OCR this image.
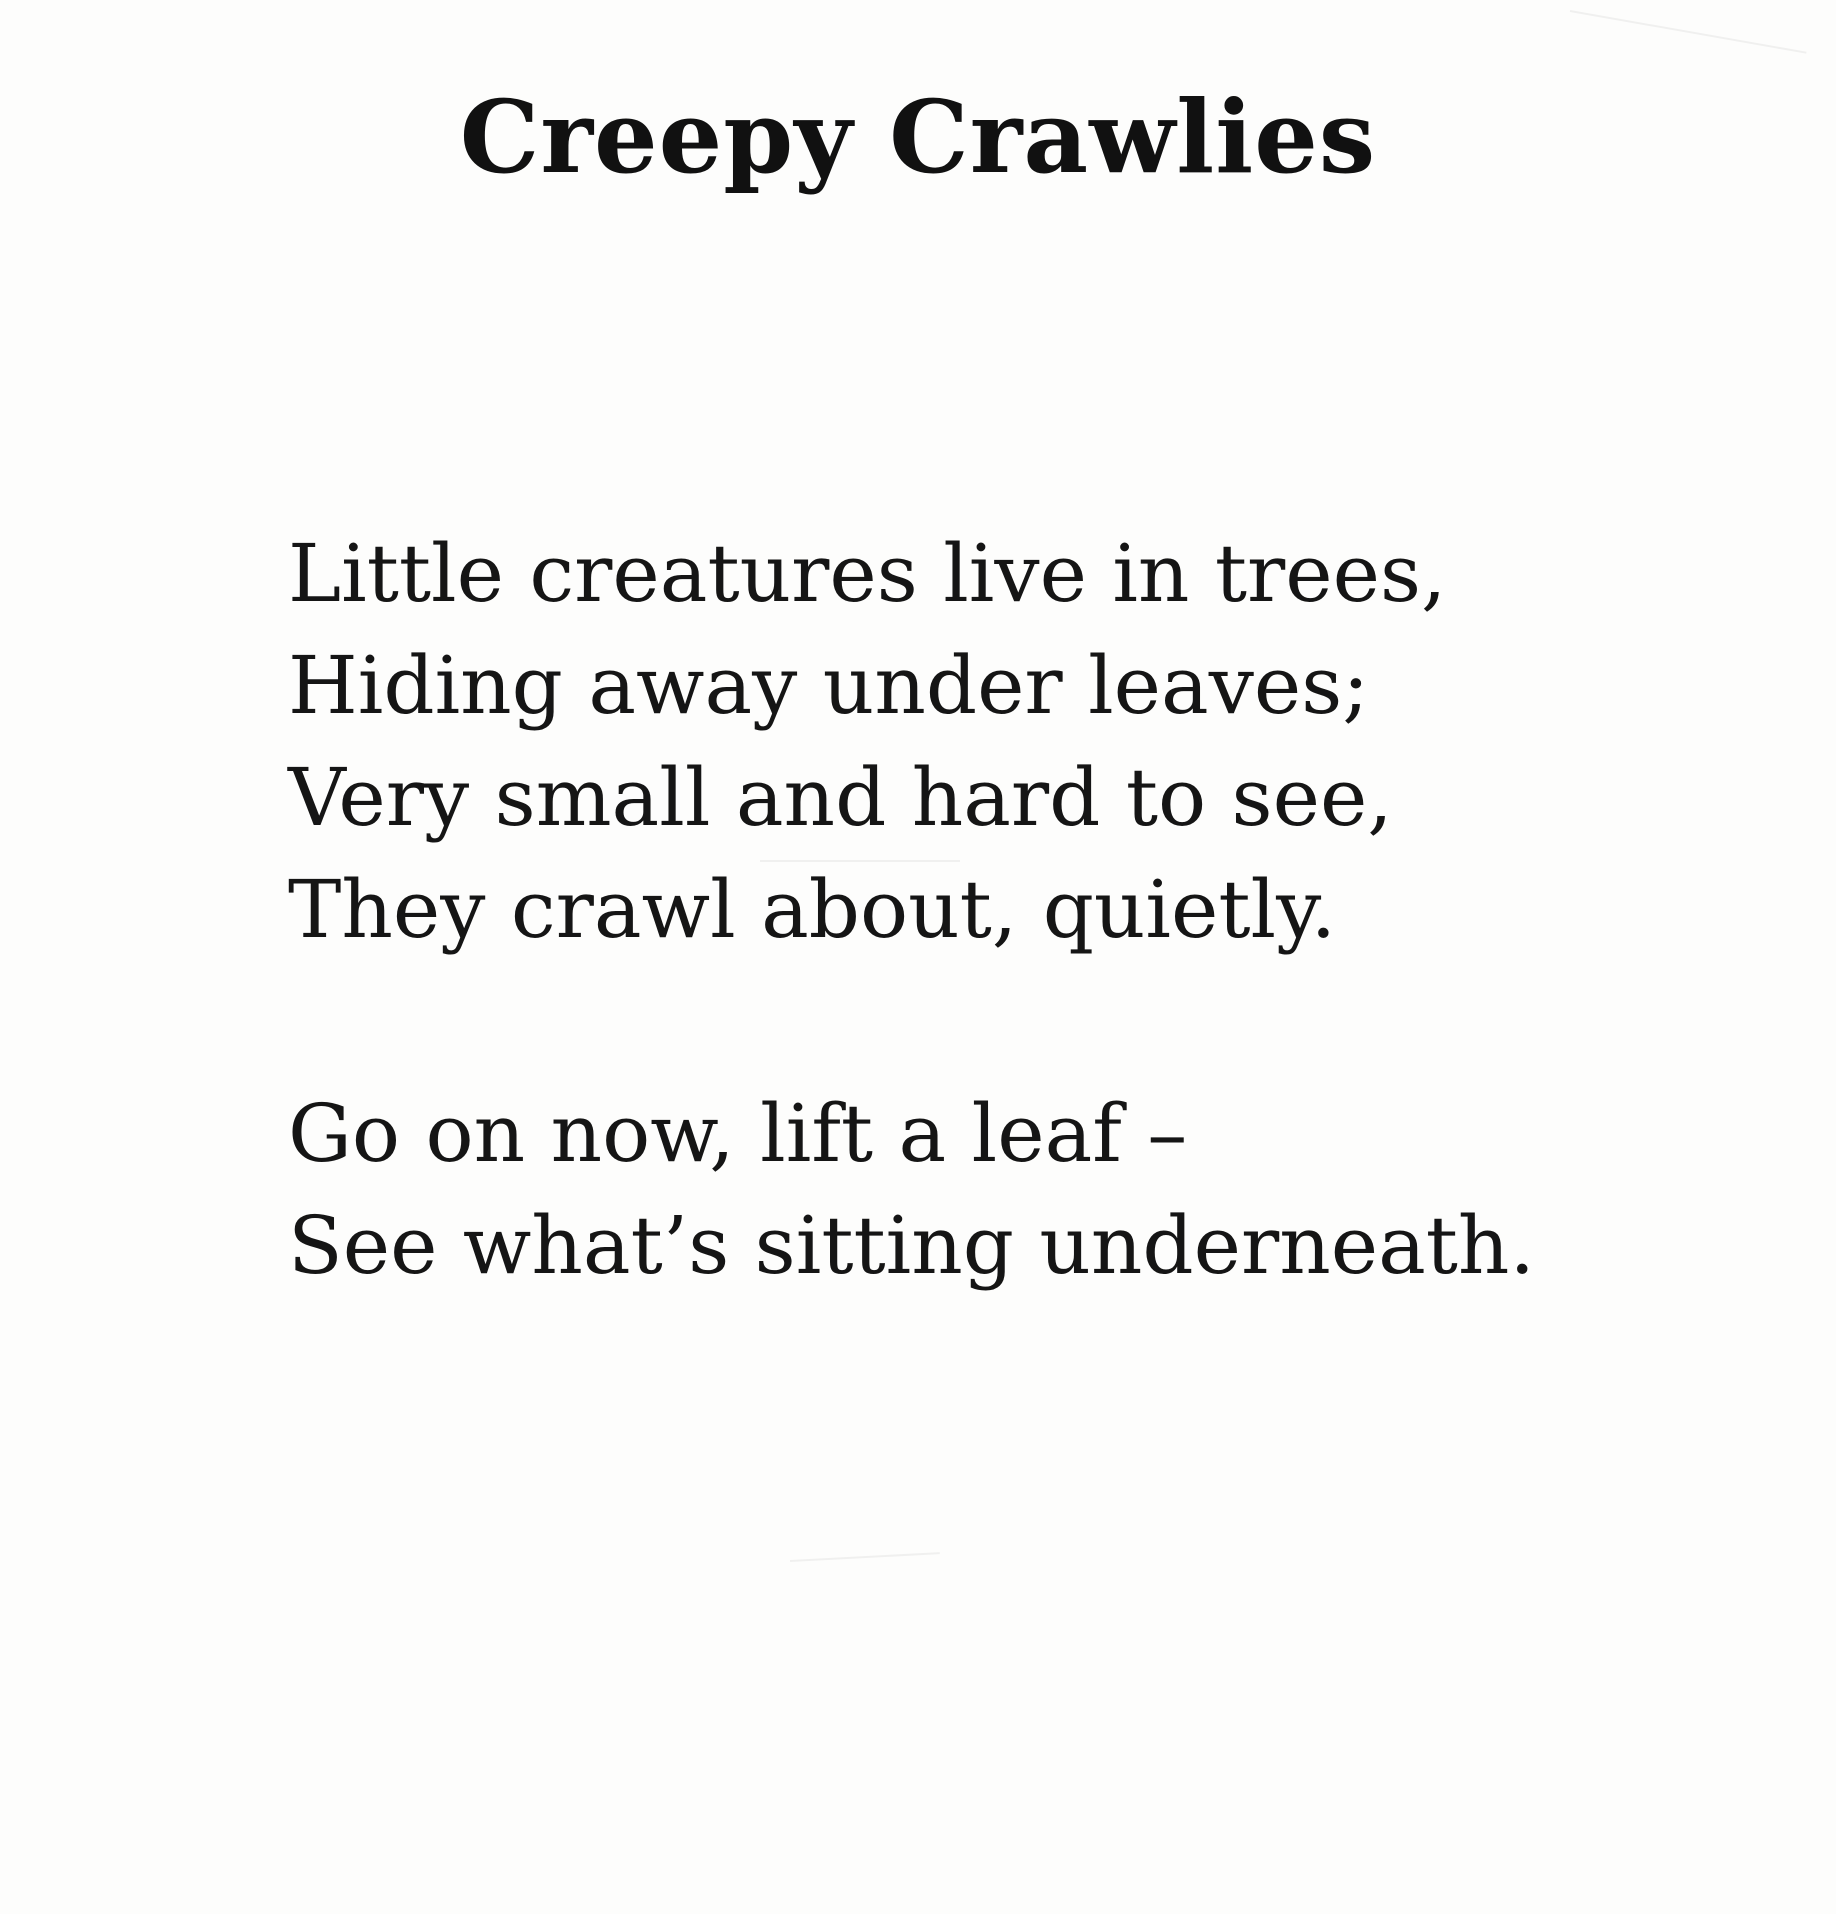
Creepy Crawlies

Little creatures live in trees,
Hiding away under leaves;
Very small and hard to see,
They crawl about, quietly.

Go on now, lift a leaf –
See what’s sitting underneath.
